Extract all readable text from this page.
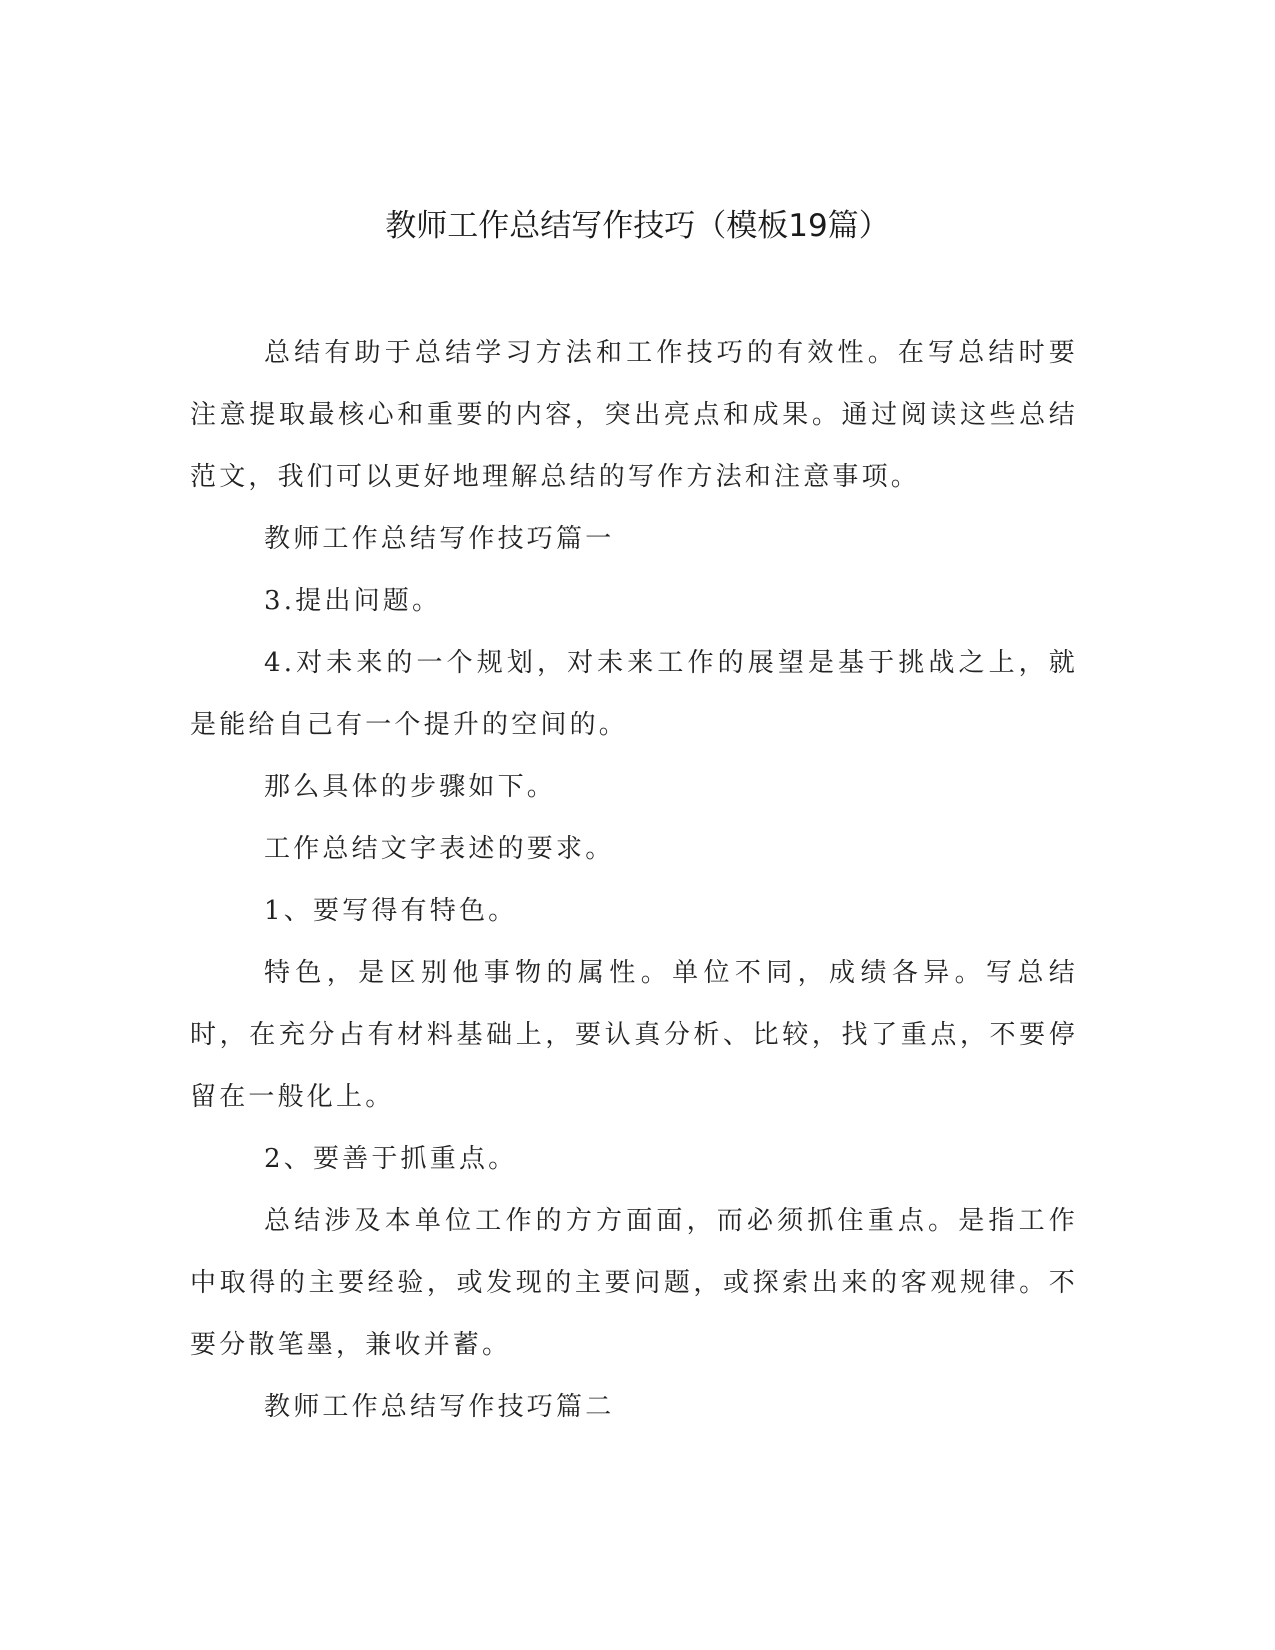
教师工作总结写作技巧（模板19篇）

总结有助于总结学习方法和工作技巧的有效性。在写总结时要注意提取最核心和重要的内容，突出亮点和成果。通过阅读这些总结范文，我们可以更好地理解总结的写作方法和注意事项。

教师工作总结写作技巧篇一

3.提出问题。

4.对未来的一个规划，对未来工作的展望是基于挑战之上，就是能给自己有一个提升的空间的。

那么具体的步骤如下。

工作总结文字表述的要求。

1、要写得有特色。

特色，是区别他事物的属性。单位不同，成绩各异。写总结时，在充分占有材料基础上，要认真分析、比较，找了重点，不要停留在一般化上。

2、要善于抓重点。

总结涉及本单位工作的方方面面，而必须抓住重点。是指工作中取得的主要经验，或发现的主要问题，或探索出来的客观规律。不要分散笔墨，兼收并蓄。

教师工作总结写作技巧篇二
